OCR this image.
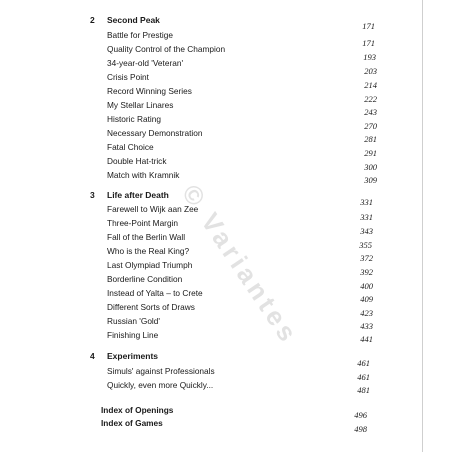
2 Second Peak
Battle for Prestige
Quality Control of the Champion
34-year-old 'Veteran'
Crisis Point
Record Winning Series
My Stellar Linares
Historic Rating
Necessary Demonstration
Fatal Choice
Double Hat-trick
Match with Kramnik
171
171
193
203
214
222
243
270
281
291
300
309
3 Life after Death
Farewell to Wijk aan Zee
Three-Point Margin
Fall of the Berlin Wall
Who is the Real King?
Last Olympiad Triumph
Borderline Condition
Instead of Yalta – to Crete
Different Sorts of Draws
Russian 'Gold'
Finishing Line
331
331
343
355
372
392
400
409
423
433
441
4 Experiments
Simuls' against Professionals
Quickly, even more Quickly...
461
461
481
Index of Openings
Index of Games
496
498
© Variantes
